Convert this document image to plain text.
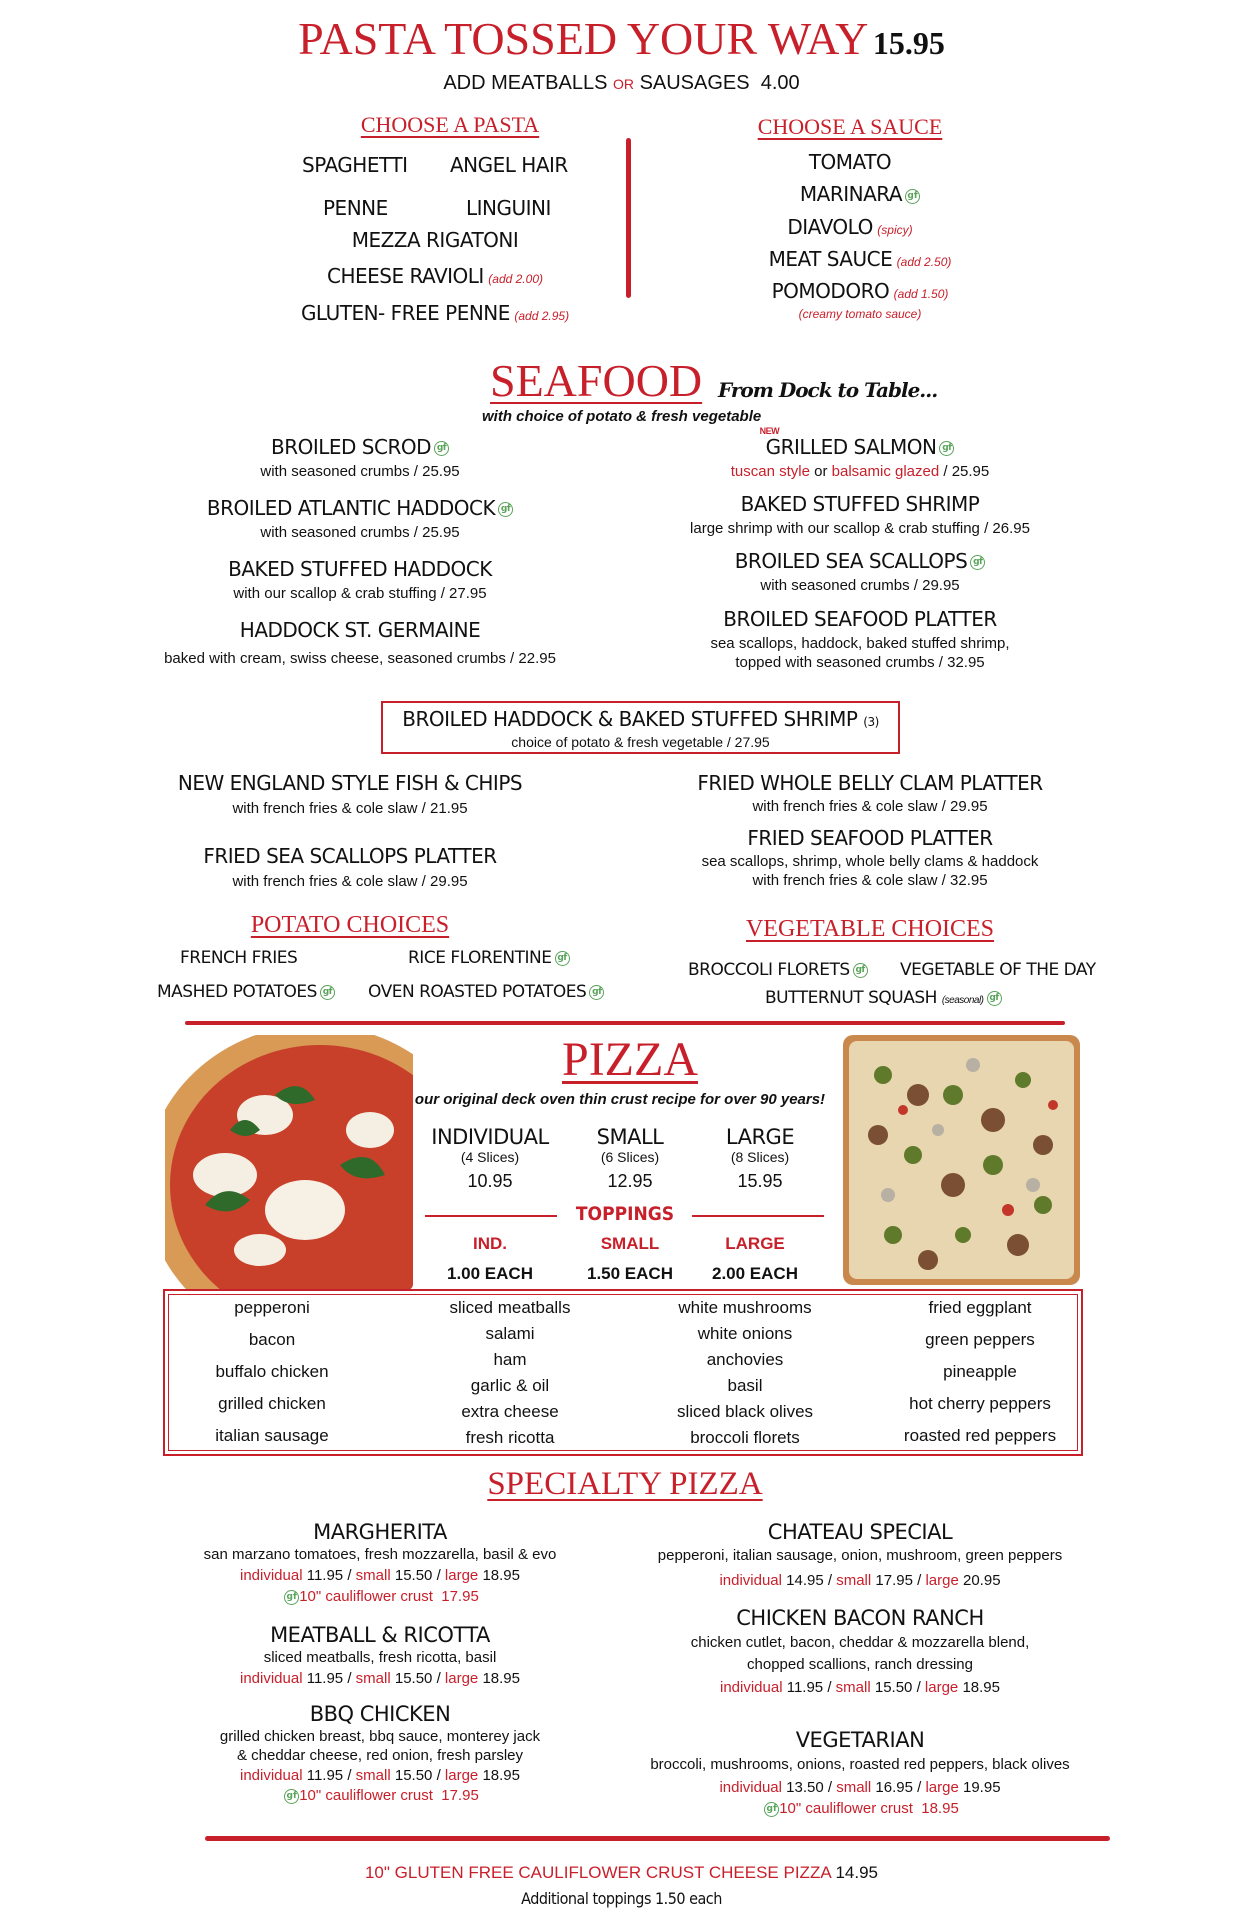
PASTA TOSSED YOUR WAY 15.95
ADD MEATBALLS OR SAUSAGES 4.00
CHOOSE A PASTA
SPAGHETTI ANGEL HAIR
PENNE	LINGUINI
MEZZA RIGATONI
CHEESE RAVIOLI (add 2.00)
GLUTEN- FREE PENNE (add 2.95)
CHOOSE A SAUCE
TOMATO
MARINARA gf
DIAVOLO (spicy)
MEAT SAUCE (add 2.50)
POMODORO (add 1.50)
(creamy tomato sauce)
SEAFOOD From Dock to Table...
with choice of potato & fresh vegetable
BROILED SCROD gf
with seasoned crumbs / 25.95
BROILED ATLANTIC HADDOCK gf
with seasoned crumbs / 25.95
BAKED STUFFED HADDOCK
with our scallop & crab stuffing / 27.95
HADDOCK ST. GERMAINE
baked with cream, swiss cheese, seasoned crumbs / 22.95
NEW
GRILLED SALMON gf
tuscan style or balsamic glazed / 25.95
BAKED STUFFED SHRIMP
large shrimp with our scallop & crab stuffing / 26.95
BROILED SEA SCALLOPS gf
with seasoned crumbs / 29.95
BROILED SEAFOOD PLATTER
sea scallops, haddock, baked stuffed shrimp,
topped with seasoned crumbs / 32.95
BROILED HADDOCK & BAKED STUFFED SHRIMP (3)
choice of potato & fresh vegetable / 27.95
NEW ENGLAND STYLE FISH & CHIPS
with french fries & cole slaw / 21.95
FRIED SEA SCALLOPS PLATTER
with french fries & cole slaw / 29.95
FRIED WHOLE BELLY CLAM PLATTER
with french fries & cole slaw / 29.95
FRIED SEAFOOD PLATTER
sea scallops, shrimp, whole belly clams & haddock
with french fries & cole slaw / 32.95
POTATO CHOICES
FRENCH FRIES	RICE FLORENTINE gf
MASHED POTATOES gf OVEN ROASTED POTATOES gf
VEGETABLE CHOICES
BROCCOLI FLORETS gf VEGETABLE OF THE DAY
BUTTERNUT SQUASH (seasonal) gf
PIZZA
our original deck oven thin crust recipe for over 90 years!
INDIVIDUAL
(4 Slices)
10.95
SMALL
(6 Slices)
12.95
LARGE
(8 Slices)
15.95
TOPPINGS
IND.
1.00 EACH
SMALL
1.50 EACH
LARGE
2.00 EACH
pepperoni
bacon
buffalo chicken
grilled chicken
italian sausage
sliced meatballs
salami
ham
garlic & oil
extra cheese
fresh ricotta
white mushrooms
white onions
anchovies
basil
sliced black olives
broccoli florets
fried eggplant
green peppers
pineapple
hot cherry peppers
roasted red peppers
SPECIALTY PIZZA
MARGHERITA
san marzano tomatoes, fresh mozzarella, basil & evo
individual 11.95 / small 15.50 / large 18.95
gf 10" cauliflower crust 17.95
MEATBALL & RICOTTA
sliced meatballs, fresh ricotta, basil
individual 11.95 / small 15.50 / large 18.95
BBQ CHICKEN
grilled chicken breast, bbq sauce, monterey jack
& cheddar cheese, red onion, fresh parsley
individual 11.95 / small 15.50 / large 18.95
gf 10" cauliflower crust 17.95
CHATEAU SPECIAL
pepperoni, italian sausage, onion, mushroom, green peppers
individual 14.95 / small 17.95 / large 20.95
CHICKEN BACON RANCH
chicken cutlet, bacon, cheddar & mozzarella blend,
chopped scallions, ranch dressing
individual 11.95 / small 15.50 / large 18.95
VEGETARIAN
broccoli, mushrooms, onions, roasted red peppers, black olives
individual 13.50 / small 16.95 / large 19.95
gf 10" cauliflower crust 18.95
10" GLUTEN FREE CAULIFLOWER CRUST CHEESE PIZZA 14.95
Additional toppings 1.50 each
